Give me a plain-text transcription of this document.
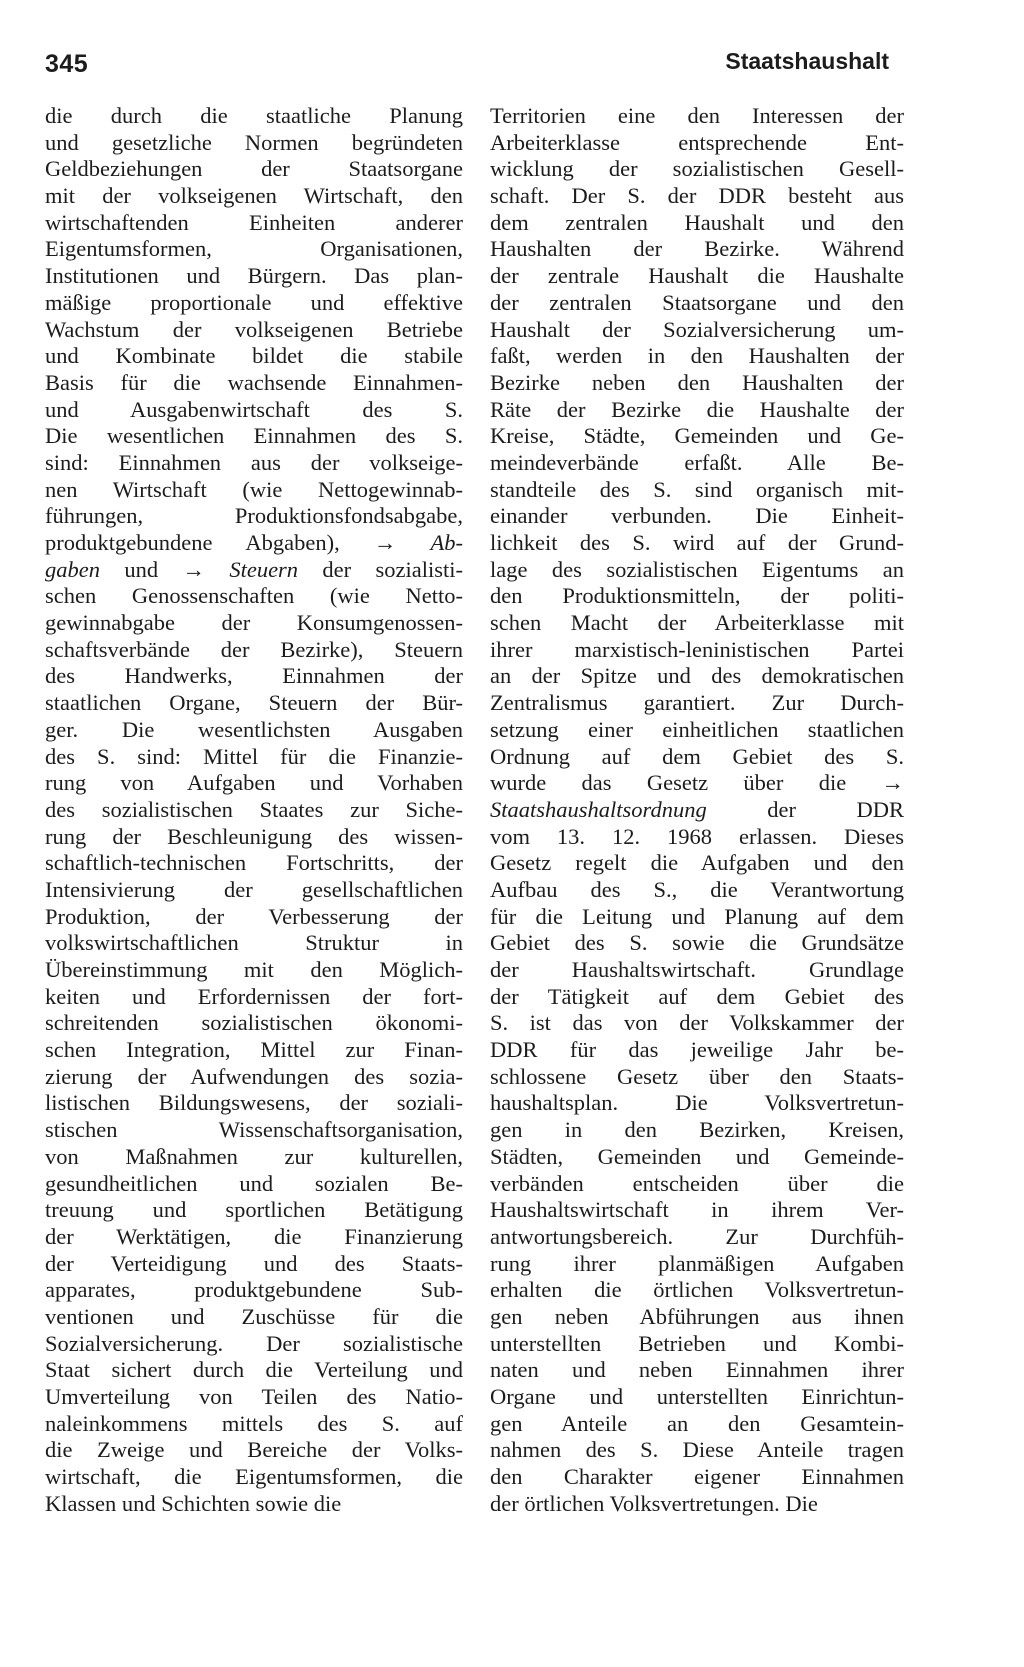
345	Staatshaushalt
die durch die staatliche Planung
und gesetzliche Normen begründeten
Geldbeziehungen der Staatsorgane
mit der volkseigenen Wirtschaft, den
wirtschaftenden Einheiten anderer
Eigentumsformen, Organisationen,
Institutionen und Bürgern. Das plan-
mäßige proportionale und effektive
Wachstum der volkseigenen Betriebe
und Kombinate bildet die stabile
Basis für die wachsende Einnahmen-
und Ausgabenwirtschaft des S.
Die wesentlichen Einnahmen des S.
sind: Einnahmen aus der volkseige-
nen Wirtschaft (wie Nettogewinnab-
führungen, Produktionsfondsabgabe,
produktgebundene Abgaben), → Ab-
gaben und → Steuern der sozialisti-
schen Genossenschaften (wie Netto-
gewinnabgabe der Konsumgenossen-
schaftsverbände der Bezirke), Steuern
des Handwerks, Einnahmen der
staatlichen Organe, Steuern der Bür-
ger. Die wesentlichsten Ausgaben
des S. sind: Mittel für die Finanzie-
rung von Aufgaben und Vorhaben
des sozialistischen Staates zur Siche-
rung der Beschleunigung des wissen-
schaftlich-technischen Fortschritts, der
Intensivierung der gesellschaftlichen
Produktion, der Verbesserung der
volkswirtschaftlichen Struktur in
Übereinstimmung mit den Möglich-
keiten und Erfordernissen der fort-
schreitenden sozialistischen ökonomi-
schen Integration, Mittel zur Finan-
zierung der Aufwendungen des sozia-
listischen Bildungswesens, der soziali-
stischen Wissenschaftsorganisation,
von Maßnahmen zur kulturellen,
gesundheitlichen und sozialen Be-
treuung und sportlichen Betätigung
der Werktätigen, die Finanzierung
der Verteidigung und des Staats-
apparates, produktgebundene Sub-
ventionen und Zuschüsse für die
Sozialversicherung. Der sozialistische
Staat sichert durch die Verteilung und
Umverteilung von Teilen des Natio-
naleinkommens mittels des S. auf
die Zweige und Bereiche der Volks-
wirtschaft, die Eigentumsformen, die
Klassen und Schichten sowie die
Territorien eine den Interessen der
Arbeiterklasse entsprechende Ent-
wicklung der sozialistischen Gesell-
schaft. Der S. der DDR besteht aus
dem zentralen Haushalt und den
Haushalten der Bezirke. Während
der zentrale Haushalt die Haushalte
der zentralen Staatsorgane und den
Haushalt der Sozialversicherung um-
faßt, werden in den Haushalten der
Bezirke neben den Haushalten der
Räte der Bezirke die Haushalte der
Kreise, Städte, Gemeinden und Ge-
meindeverbände erfaßt. Alle Be-
standteile des S. sind organisch mit-
einander verbunden. Die Einheit-
lichkeit des S. wird auf der Grund-
lage des sozialistischen Eigentums an
den Produktionsmitteln, der politi-
schen Macht der Arbeiterklasse mit
ihrer marxistisch-leninistischen Partei
an der Spitze und des demokratischen
Zentralismus garantiert. Zur Durch-
setzung einer einheitlichen staatlichen
Ordnung auf dem Gebiet des S.
wurde das Gesetz über die →
Staatshaushaltsordnung der DDR
vom 13. 12. 1968 erlassen. Dieses
Gesetz regelt die Aufgaben und den
Aufbau des S., die Verantwortung
für die Leitung und Planung auf dem
Gebiet des S. sowie die Grundsätze
der Haushaltswirtschaft. Grundlage
der Tätigkeit auf dem Gebiet des
S. ist das von der Volkskammer der
DDR für das jeweilige Jahr be-
schlossene Gesetz über den Staats-
haushaltsplan. Die Volksvertretun-
gen in den Bezirken, Kreisen,
Städten, Gemeinden und Gemeinde-
verbänden entscheiden über die
Haushaltswirtschaft in ihrem Ver-
antwortungsbereich. Zur Durchfüh-
rung ihrer planmäßigen Aufgaben
erhalten die örtlichen Volksvertretun-
gen neben Abführungen aus ihnen
unterstellten Betrieben und Kombi-
naten und neben Einnahmen ihrer
Organe und unterstellten Einrichtun-
gen Anteile an den Gesamtein-
nahmen des S. Diese Anteile tragen
den Charakter eigener Einnahmen
der örtlichen Volksvertretungen. Die
